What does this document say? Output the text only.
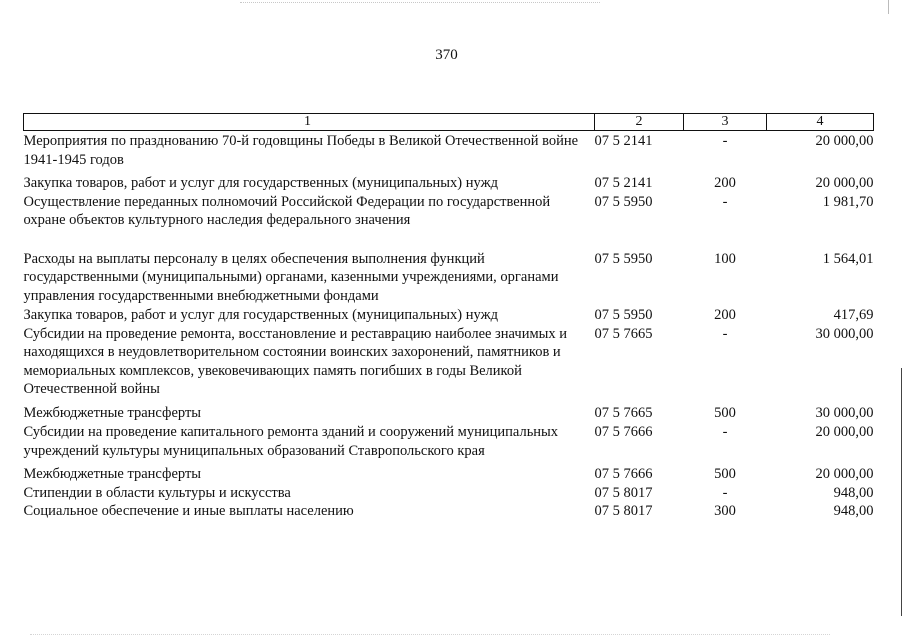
370
1	2	3	4
Мероприятия по празднованию 70-й годовщины Победы в Великой Отечественной войне 1941-1945 годов	07 5 2141	-	20 000,00
Закупка товаров, работ и услуг для государственных (муниципальных) нужд	07 5 2141	200	20 000,00
Осуществление переданных полномочий Российской Федерации по государственной охране объектов культурного наследия федерального значения	07 5 5950	-	1 981,70
Расходы на выплаты персоналу в целях обеспечения выполнения функций государственными (муниципальными) органами, казенными учреждениями, органами управления государственными внебюджетными фондами	07 5 5950	100	1 564,01
Закупка товаров, работ и услуг для государственных (муниципальных) нужд	07 5 5950	200	417,69
Субсидии на проведение ремонта, восстановление и реставрацию наиболее значимых и находящихся в неудовлетворительном состоянии воинских захоронений, памятников и мемориальных комплексов, увековечивающих память погибших в годы Великой Отечественной войны	07 5 7665	-	30 000,00
Межбюджетные трансферты	07 5 7665	500	30 000,00
Субсидии на проведение капитального ремонта зданий и сооружений муниципальных учреждений культуры муниципальных образований Ставропольского края	07 5 7666	-	20 000,00
Межбюджетные трансферты	07 5 7666	500	20 000,00
Стипендии в области культуры и искусства	07 5 8017	-	948,00
Социальное обеспечение и иные выплаты населению	07 5 8017	300	948,00
